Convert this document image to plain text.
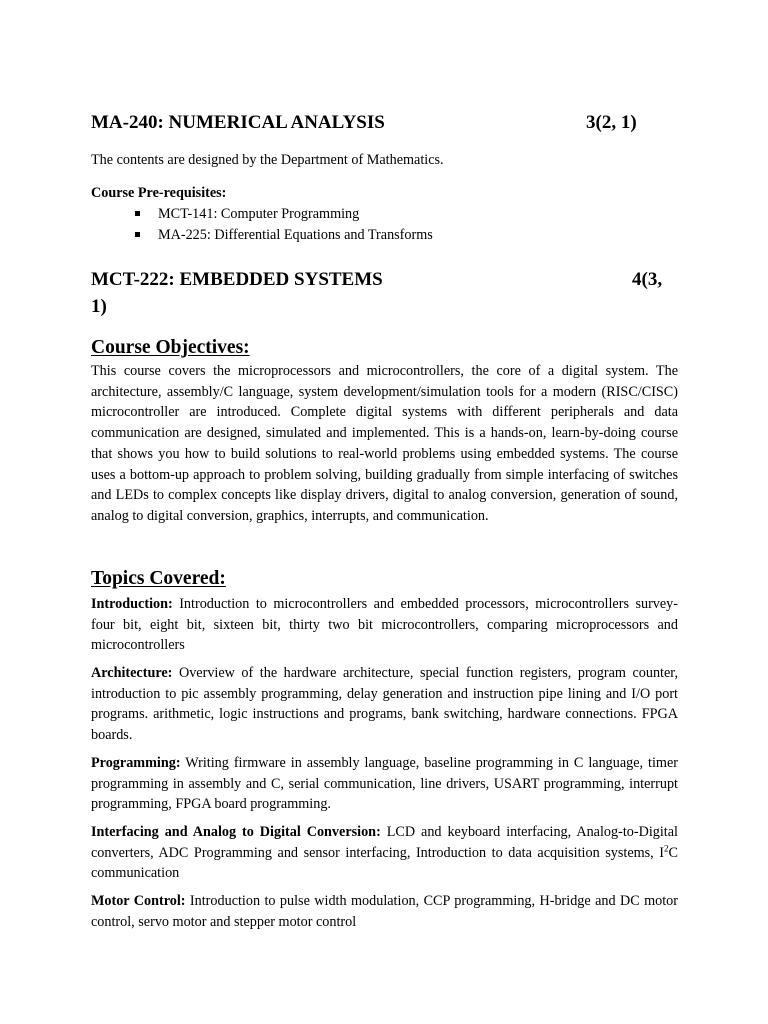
MA-240: NUMERICAL ANALYSIS	3(2, 1)
The contents are designed by the Department of Mathematics.
Course Pre-requisites:
MCT-141: Computer Programming
MA-225: Differential Equations and Transforms
MCT-222: EMBEDDED SYSTEMS	4(3,
1)
Course Objectives:

This course covers the microprocessors and microcontrollers, the core of a digital system. The architecture, assembly/C language, system development/simulation tools for a modern (RISC/CISC) microcontroller are introduced. Complete digital systems with different peripherals and data communication are designed, simulated and implemented. This is a hands-on, learn-by-doing course that shows you how to build solutions to real-world problems using embedded systems. The course uses a bottom-up approach to problem solving, building gradually from simple interfacing of switches and LEDs to complex concepts like display drivers, digital to analog conversion, generation of sound, analog to digital conversion, graphics, interrupts, and communication.

Topics Covered:

Introduction: Introduction to microcontrollers and embedded processors, microcontrollers survey-four bit, eight bit, sixteen bit, thirty two bit microcontrollers, comparing microprocessors and microcontrollers

Architecture: Overview of the hardware architecture, special function registers, program counter, introduction to pic assembly programming, delay generation and instruction pipe lining and I/O port programs. arithmetic, logic instructions and programs, bank switching, hardware connections. FPGA boards.

Programming: Writing firmware in assembly language, baseline programming in C language, timer programming in assembly and C, serial communication, line drivers, USART programming, interrupt programming, FPGA board programming.

Interfacing and Analog to Digital Conversion: LCD and keyboard interfacing, Analog-to-Digital converters, ADC Programming and sensor interfacing, Introduction to data acquisition systems, $I^2C$ communication

Motor Control: Introduction to pulse width modulation, CCP programming, H-bridge and DC motor control, servo motor and stepper motor control
